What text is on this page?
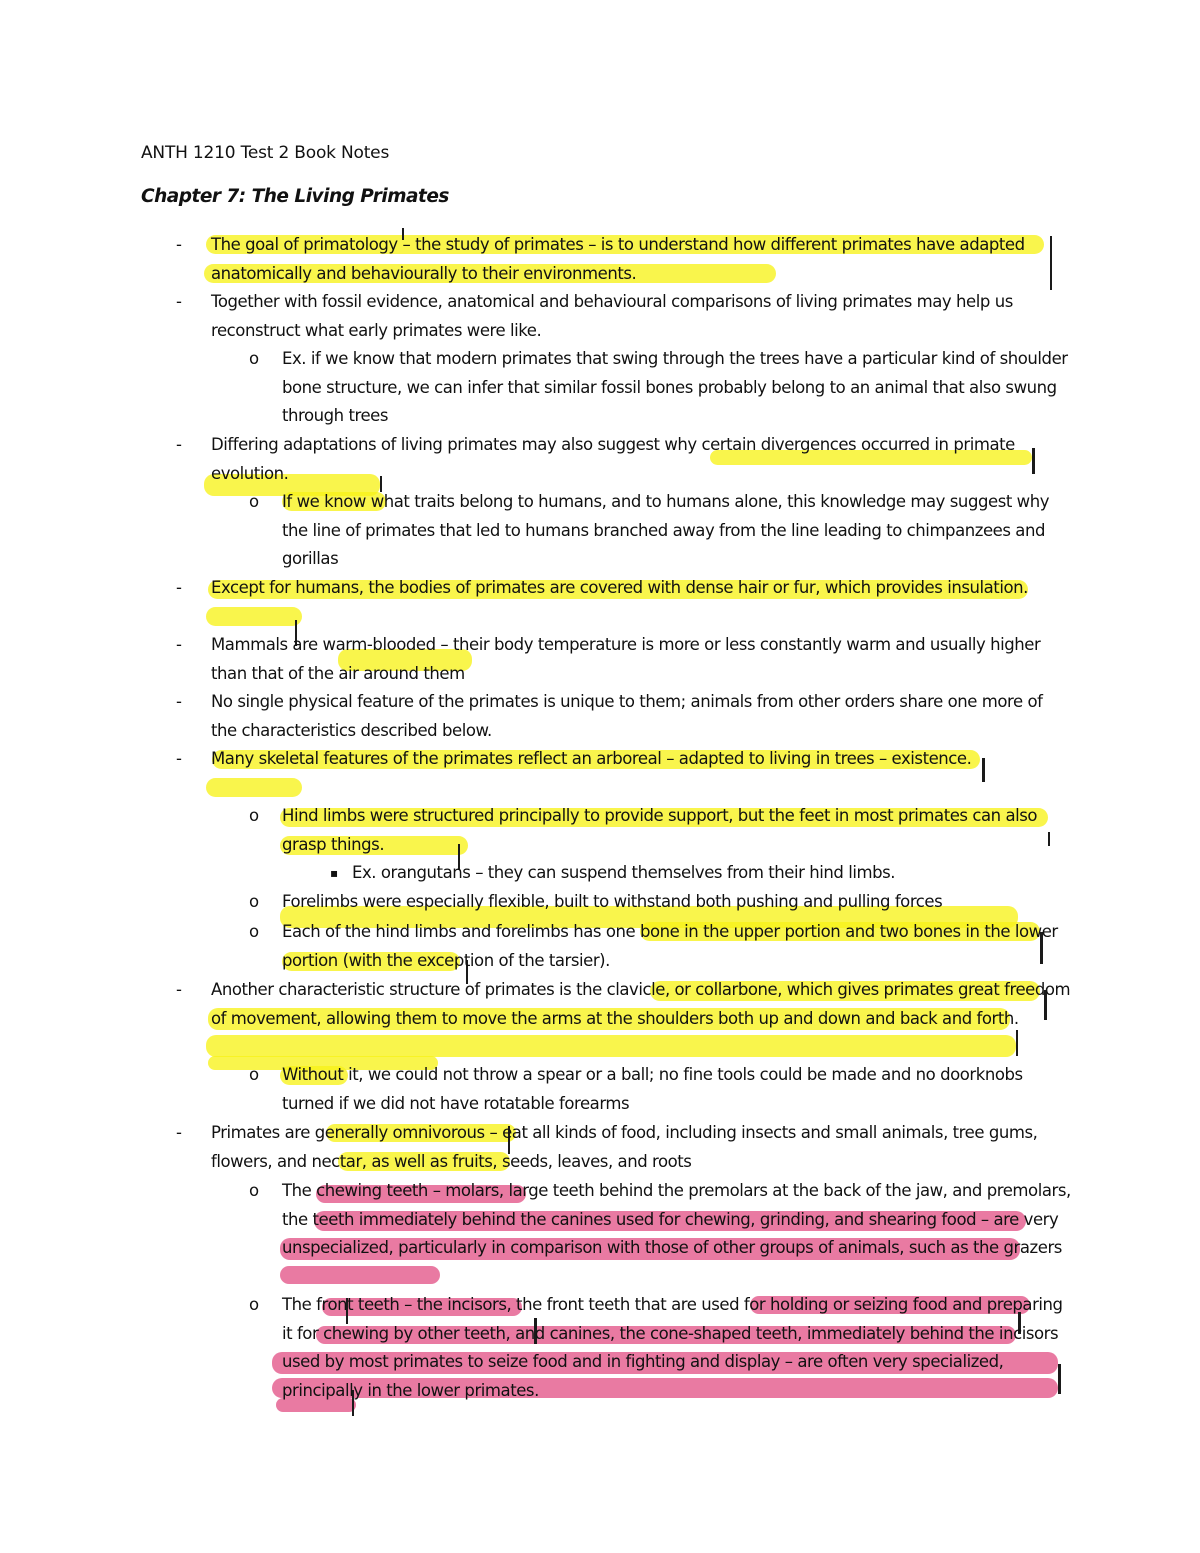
ANTH 1210 Test 2 Book Notes
Chapter 7: The Living Primates
- The goal of primatology – the study of primates – is to understand how different primates have adapted anatomically and behaviourally to their environments.
- Together with fossil evidence, anatomical and behavioural comparisons of living primates may help us reconstruct what early primates were like.
o Ex. if we know that modern primates that swing through the trees have a particular kind of shoulder bone structure, we can infer that similar fossil bones probably belong to an animal that also swung through trees
- Differing adaptations of living primates may also suggest why certain divergences occurred in primate evolution.
o If we know what traits belong to humans, and to humans alone, this knowledge may suggest why the line of primates that led to humans branched away from the line leading to chimpanzees and gorillas
- Except for humans, the bodies of primates are covered with dense hair or fur, which provides insulation.
- Mammals are warm-blooded – their body temperature is more or less constantly warm and usually higher than that of the air around them
- No single physical feature of the primates is unique to them; animals from other orders share one more of the characteristics described below.
- Many skeletal features of the primates reflect an arboreal – adapted to living in trees – existence.
o Hind limbs were structured principally to provide support, but the feet in most primates can also grasp things.
▪ Ex. orangutans – they can suspend themselves from their hind limbs.
o Forelimbs were especially flexible, built to withstand both pushing and pulling forces
o Each of the hind limbs and forelimbs has one bone in the upper portion and two bones in the lower portion (with the exception of the tarsier).
- Another characteristic structure of primates is the clavicle, or collarbone, which gives primates great freedom of movement, allowing them to move the arms at the shoulders both up and down and back and forth.
o Without it, we could not throw a spear or a ball; no fine tools could be made and no doorknobs turned if we did not have rotatable forearms
- Primates are generally omnivorous – eat all kinds of food, including insects and small animals, tree gums, flowers, and nectar, as well as fruits, seeds, leaves, and roots
o The chewing teeth – molars, large teeth behind the premolars at the back of the jaw, and premolars, the teeth immediately behind the canines used for chewing, grinding, and shearing food – are very unspecialized, particularly in comparison with those of other groups of animals, such as the grazers
o The front teeth – the incisors, the front teeth that are used for holding or seizing food and preparing it for chewing by other teeth, and canines, the cone-shaped teeth, immediately behind the incisors used by most primates to seize food and in fighting and display – are often very specialized, principally in the lower primates.
